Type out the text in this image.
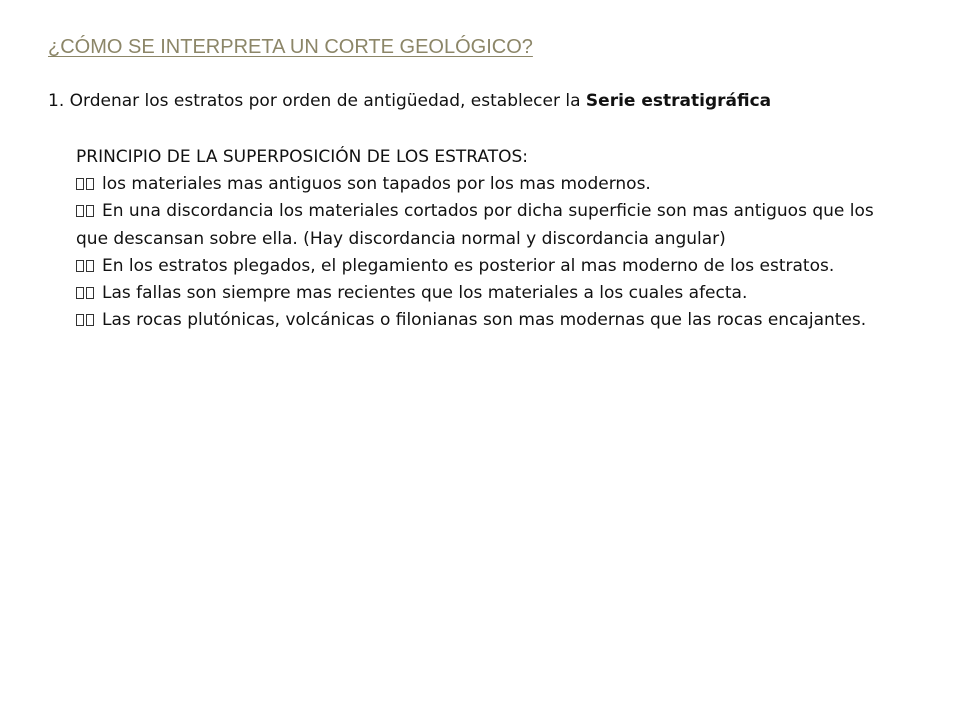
¿CÓMO SE INTERPRETA UN CORTE GEOLÓGICO?
1. Ordenar los estratos por orden de antigüedad, establecer la Serie estratigráfica
PRINCIPIO DE LA SUPERPOSICIÓN DE LOS ESTRATOS:
los materiales mas antiguos son tapados por los mas modernos.
En una discordancia los materiales cortados por dicha superficie son mas antiguos que los que descansan sobre ella. (Hay discordancia normal y discordancia angular)
En los estratos plegados, el plegamiento es posterior al mas moderno de los estratos.
Las fallas son siempre mas recientes que los materiales a los cuales afecta.
Las rocas plutónicas, volcánicas o filonianas son mas modernas que las rocas encajantes.
